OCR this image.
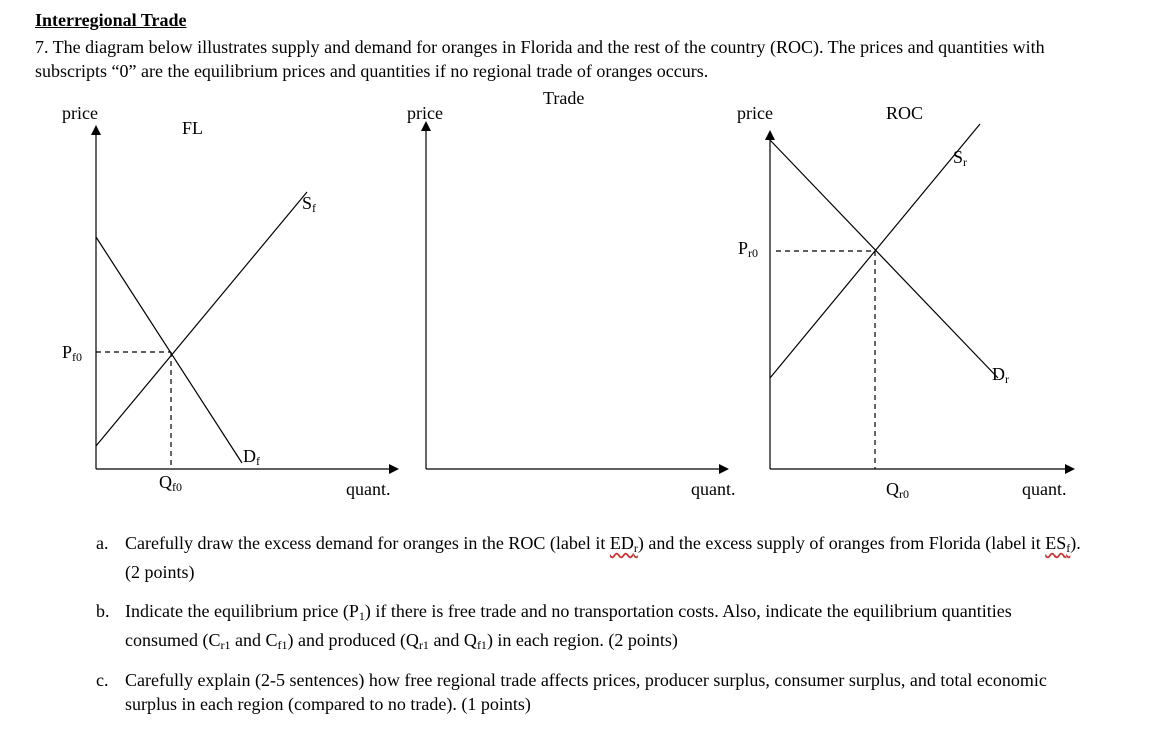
Interregional Trade
7. The diagram below illustrates supply and demand for oranges in Florida and the rest of the country (ROC). The prices and quantities with subscripts “0” are the equilibrium prices and quantities if no regional trade of oranges occurs.
Trade
price
FL
$S_f$
$P_{f0}$
$D_f$
$Q_{f0}$	quant.
price
quant.
price	ROC
$S_r$
$P_{r0}$
$D_r$
$Q_{r0}$	quant.
a. Carefully draw the excess demand for oranges in the ROC (label it $ED_r$) and the excess supply of oranges from Florida (label it $ES_f$). (2 points)
b. Indicate the equilibrium price $(P_1)$ if there is free trade and no transportation costs. Also, indicate the equilibrium quantities consumed ($C_{r1}$ and $C_{f1}$) and produced ($Q_{r1}$ and $Q_{f1}$) in each region. (2 points)
c. Carefully explain (2-5 sentences) how free regional trade affects prices, producer surplus, consumer surplus, and total economic surplus in each region (compared to no trade). (1 points)
